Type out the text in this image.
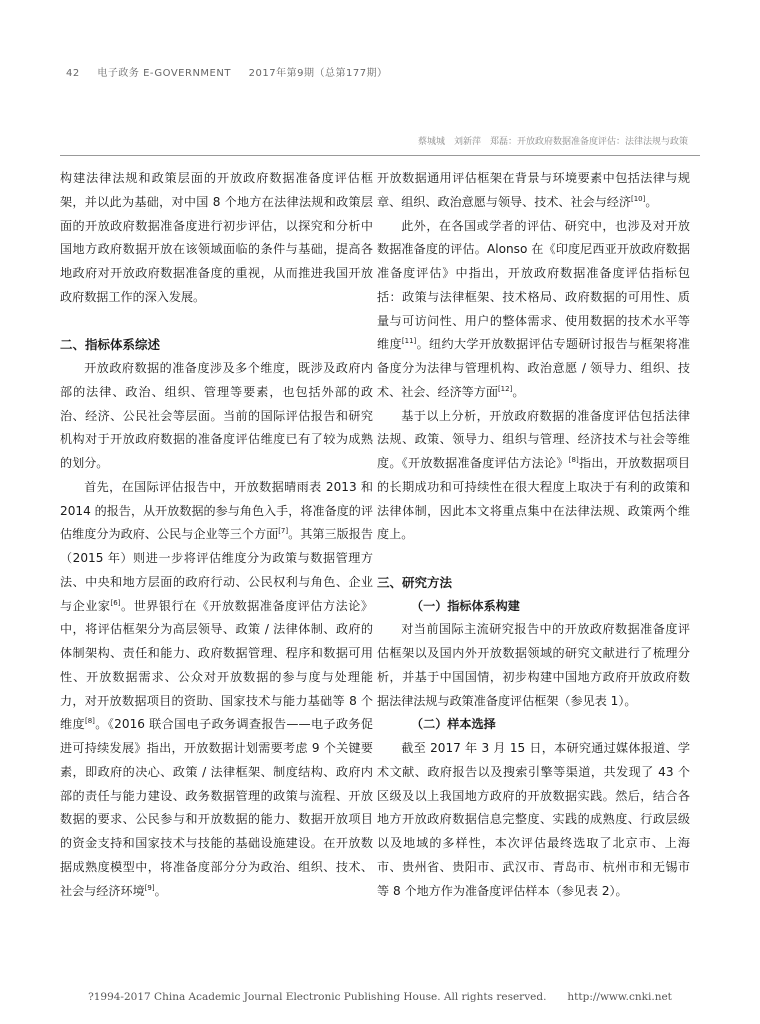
42 电子政务 E-GOVERNMENT 2017年第9期（总第177期）
蔡城城　刘新萍　郑磊：开放政府数据准备度评估：法律法规与政策

构建法律法规和政策层面的开放政府数据准备度评估框架，并以此为基础，对中国 8 个地方在法律法规和政策层面的开放政府数据准备度进行初步评估，以探究和分析中国地方政府数据开放在该领域面临的条件与基础，提高各地政府对开放政府数据准备度的重视，从而推进我国开放政府数据工作的深入发展。

二、指标体系综述

开放政府数据的准备度涉及多个维度，既涉及政府内部的法律、政治、组织、管理等要素，也包括外部的政治、经济、公民社会等层面。当前的国际评估报告和研究机构对于开放政府数据的准备度评估维度已有了较为成熟的划分。

首先，在国际评估报告中，开放数据晴雨表 2013 和 2014 的报告，从开放数据的参与角色入手，将准备度的评估维度分为政府、公民与企业等三个方面[7]。其第三版报告（2015 年）则进一步将评估维度分为政策与数据管理方法、中央和地方层面的政府行动、公民权利与角色、企业与企业家[6]。世界银行在《开放数据准备度评估方法论》中，将评估框架分为高层领导、政策 / 法律体制、政府的体制架构、责任和能力、政府数据管理、程序和数据可用性、开放数据需求、公众对开放数据的参与度与处理能力，对开放数据项目的资助、国家技术与能力基础等 8 个维度[8]。《2016 联合国电子政务调查报告——电子政务促进可持续发展》指出，开放数据计划需要考虑 9 个关键要素，即政府的决心、政策 / 法律框架、制度结构、政府内部的责任与能力建设、政务数据管理的政策与流程、开放数据的要求、公民参与和开放数据的能力、数据开放项目的资金支持和国家技术与技能的基础设施建设。在开放数据成熟度模型中，将准备度部分分为政治、组织、技术、社会与经济环境[9]。

开放数据通用评估框架在背景与环境要素中包括法律与规章、组织、政治意愿与领导、技术、社会与经济[10]。

此外，在各国或学者的评估、研究中，也涉及对开放数据准备度的评估。Alonso 在《印度尼西亚开放政府数据准备度评估》中指出，开放政府数据准备度评估指标包括：政策与法律框架、技术格局、政府数据的可用性、质量与可访问性、用户的整体需求、使用数据的技术水平等维度[11]。纽约大学开放数据评估专题研讨报告与框架将准备度分为法律与管理机构、政治意愿 / 领导力、组织、技术、社会、经济等方面[12]。

基于以上分析，开放政府数据的准备度评估包括法律法规、政策、领导力、组织与管理、经济技术与社会等维度。《开放数据准备度评估方法论》[8]指出，开放数据项目的长期成功和可持续性在很大程度上取决于有利的政策和法律体制，因此本文将重点集中在法律法规、政策两个维度上。

三、研究方法
（一）指标体系构建

对当前国际主流研究报告中的开放政府数据准备度评估框架以及国内外开放数据领域的研究文献进行了梳理分析，并基于中国国情，初步构建中国地方政府开放政府数据法律法规与政策准备度评估框架（参见表 1）。

（二）样本选择

截至 2017 年 3 月 15 日，本研究通过媒体报道、学术文献、政府报告以及搜索引擎等渠道，共发现了 43 个区级及以上我国地方政府的开放数据实践。然后，结合各地方开放政府数据信息完整度、实践的成熟度、行政层级以及地域的多样性，本次评估最终选取了北京市、上海市、贵州省、贵阳市、武汉市、青岛市、杭州市和无锡市等 8 个地方作为准备度评估样本（参见表 2）。

?1994-2017 China Academic Journal Electronic Publishing House. All rights reserved.　　http://www.cnki.net
